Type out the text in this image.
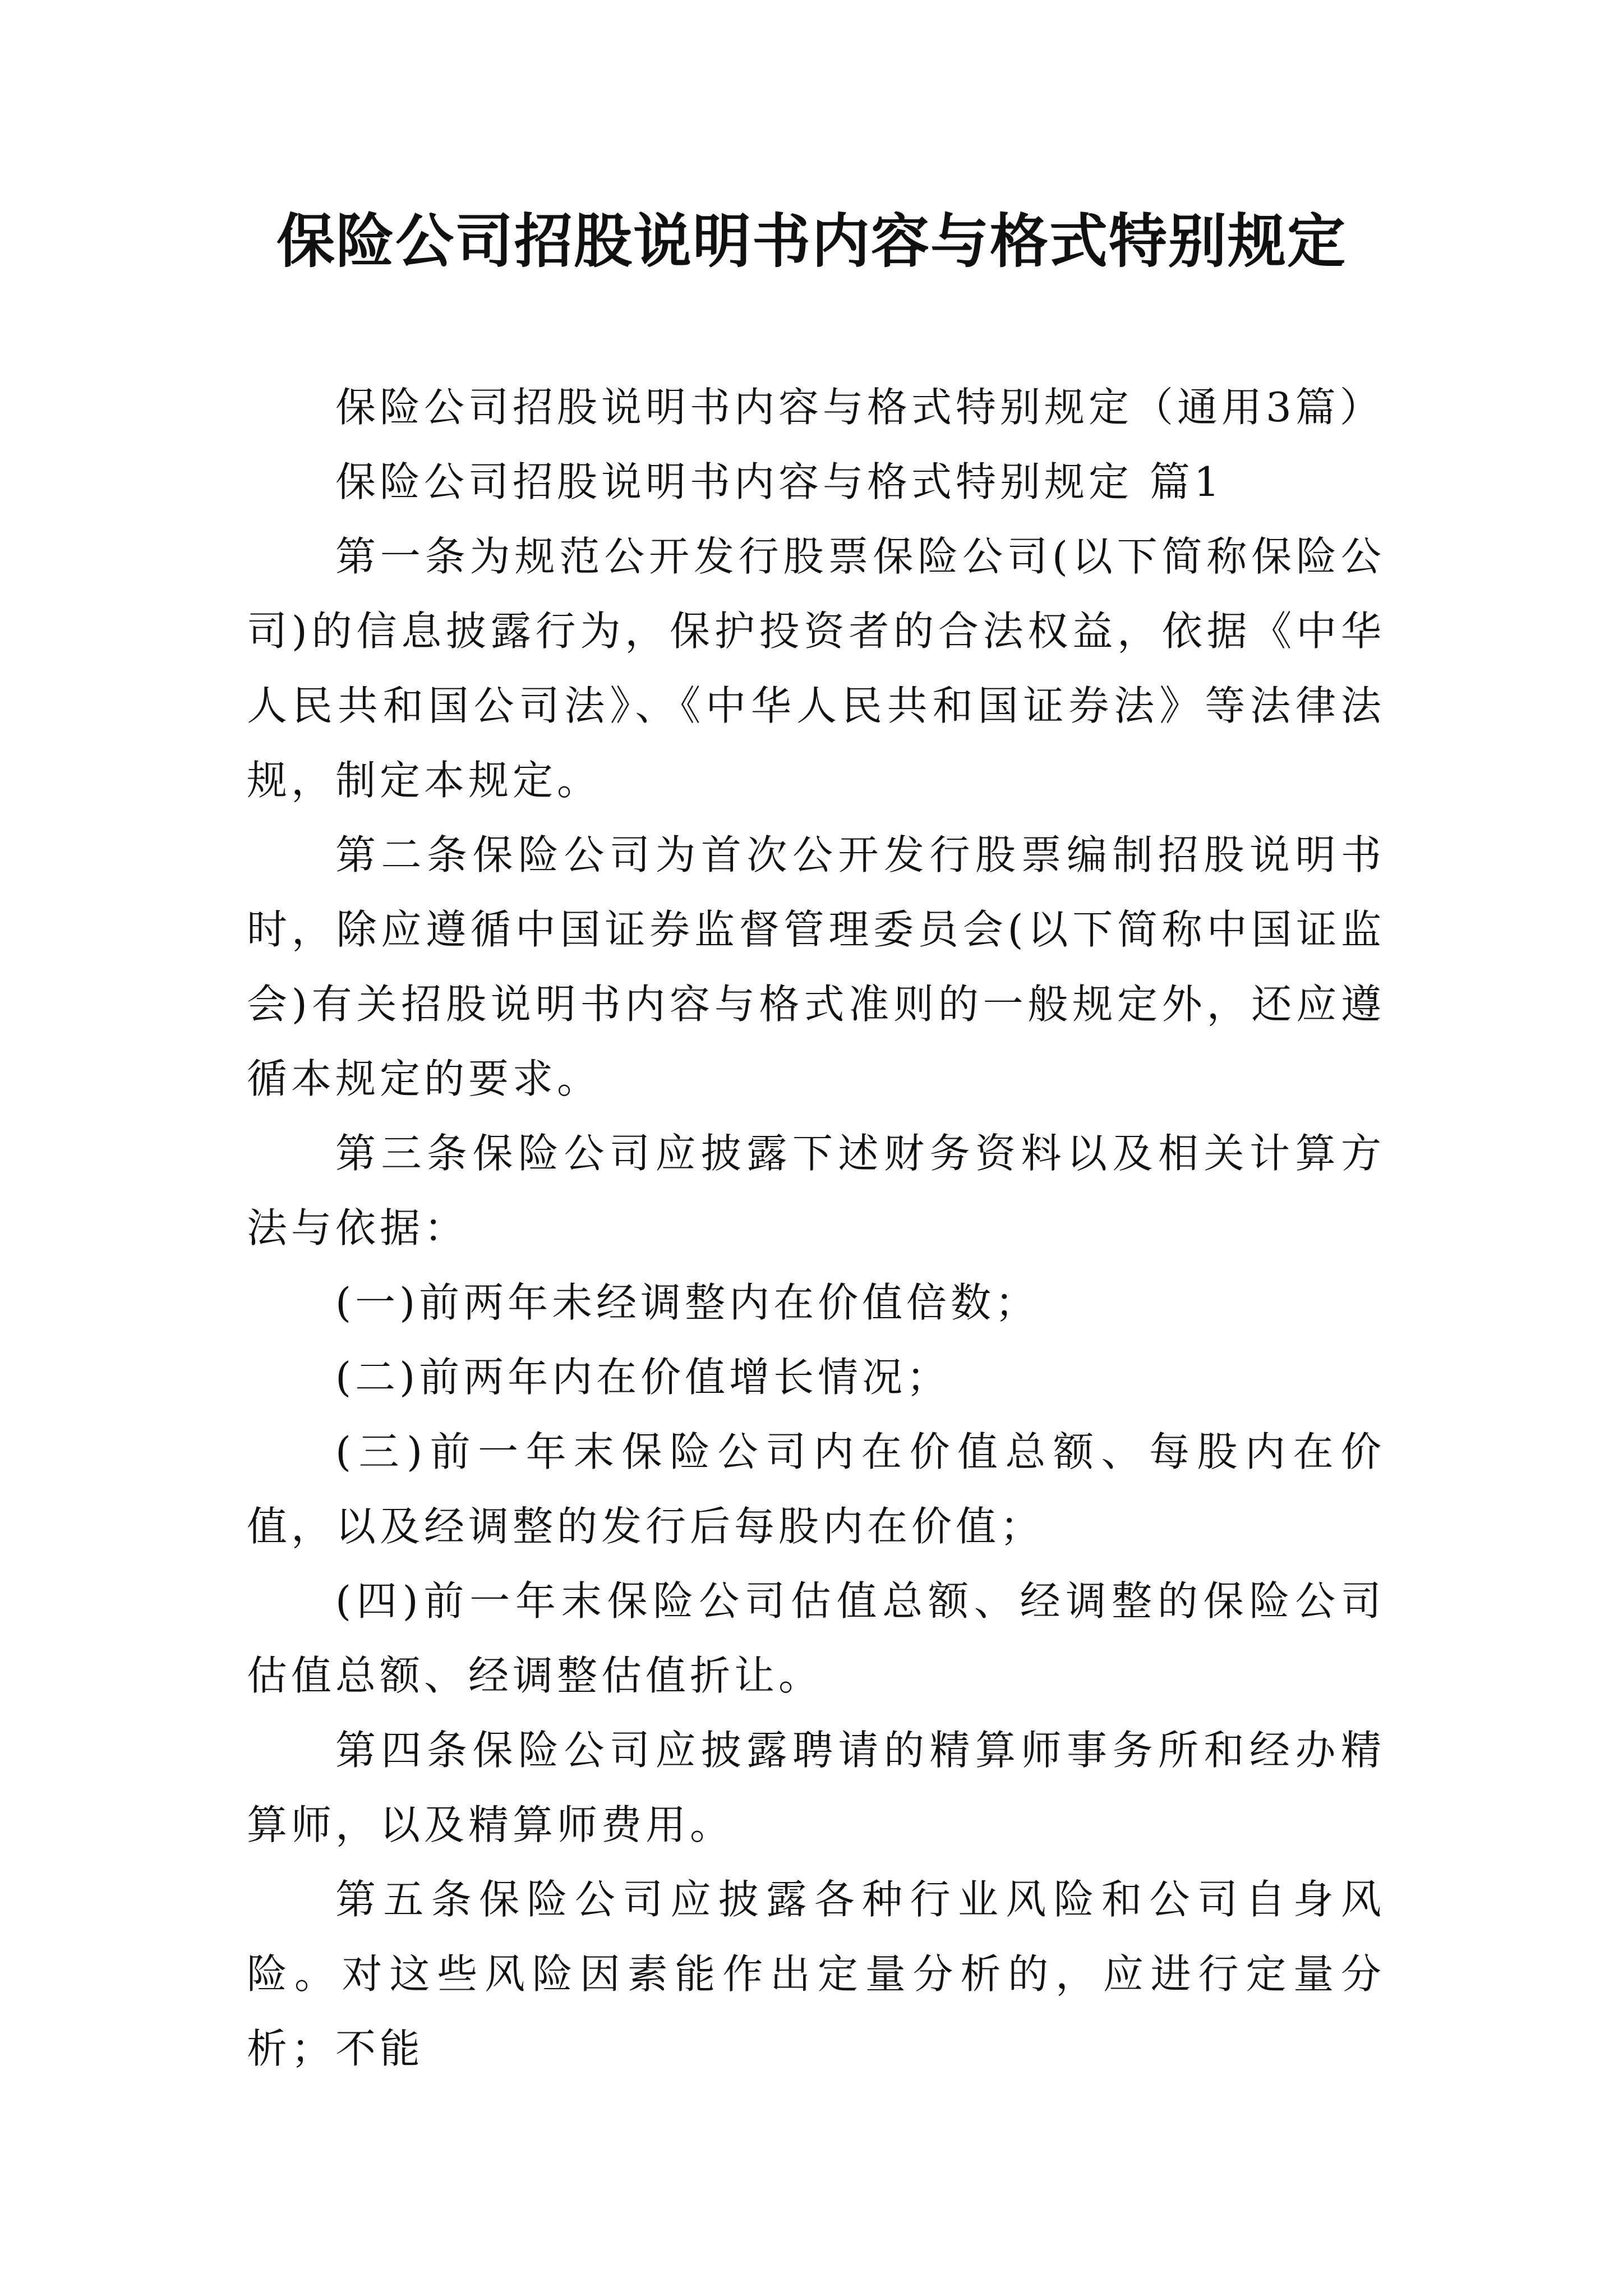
保险公司招股说明书内容与格式特别规定

保险公司招股说明书内容与格式特别规定（通用3篇）

保险公司招股说明书内容与格式特别规定 篇1

第一条为规范公开发行股票保险公司(以下简称保险公司)的信息披露行为，保护投资者的合法权益，依据《中华人民共和国公司法》、《中华人民共和国证券法》等法律法规，制定本规定。

第二条保险公司为首次公开发行股票编制招股说明书时，除应遵循中国证券监督管理委员会(以下简称中国证监会)有关招股说明书内容与格式准则的一般规定外，还应遵循本规定的要求。

第三条保险公司应披露下述财务资料以及相关计算方法与依据：

(一)前两年未经调整内在价值倍数；

(二)前两年内在价值增长情况；

(三)前一年末保险公司内在价值总额、每股内在价值，以及经调整的发行后每股内在价值；

(四)前一年末保险公司估值总额、经调整的保险公司估值总额、经调整估值折让。

第四条保险公司应披露聘请的精算师事务所和经办精算师，以及精算师费用。

第五条保险公司应披露各种行业风险和公司自身风险。对这些风险因素能作出定量分析的，应进行定量分析；不能
